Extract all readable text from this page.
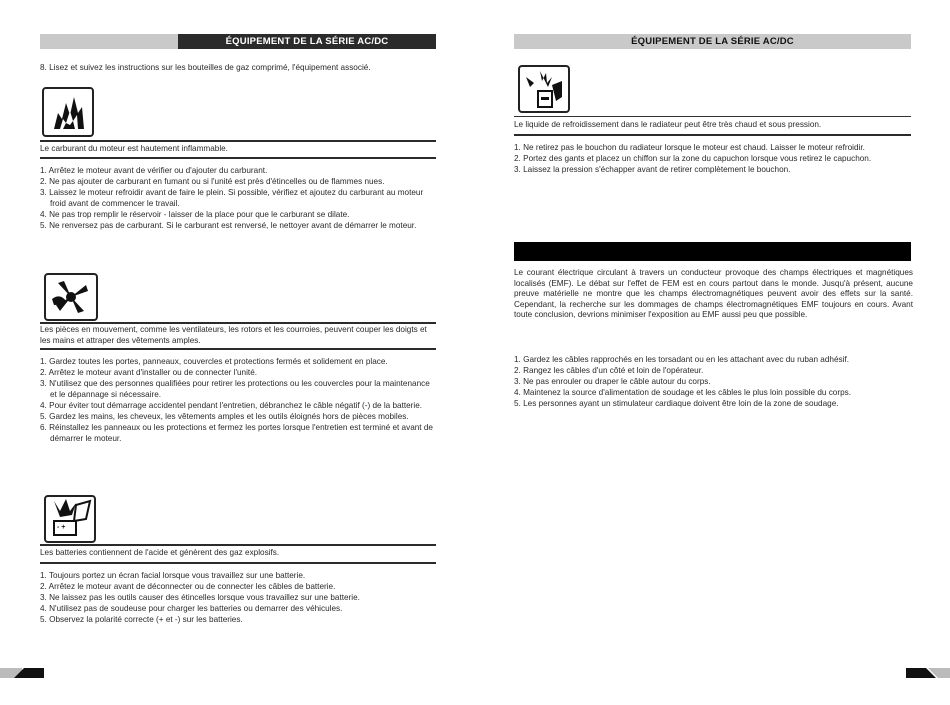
ÉQUIPEMENT DE LA SÉRIE AC/DC
8. Lisez et suivez les instructions sur les bouteilles de gaz comprimé, l'équipement associé.
Le carburant du moteur est hautement inflammable.
1. Arrêtez le moteur avant de vérifier ou d'ajouter du carburant.
2. Ne pas ajouter de carburant en fumant ou si l'unité est près d'étincelles ou de flammes nues.
3. Laissez le moteur refroidir avant de faire le plein. Si possible, vérifiez et ajoutez du carburant au moteur froid avant de commencer le travail.
4. Ne pas trop remplir le réservoir - laisser de la place pour que le carburant se dilate.
5. Ne renversez pas de carburant. Si le carburant est renversé, le nettoyer avant de démarrer le moteur.
Les pièces en mouvement, comme les ventilateurs, les rotors et les courroies, peuvent couper les doigts et les mains et attraper des vêtements amples.
1. Gardez toutes les portes, panneaux, couvercles et protections fermés et solidement en place.
2. Arrêtez le moteur avant d'installer ou de connecter l'unité.
3. N'utilisez que des personnes qualifiées pour retirer les protections ou les couvercles pour la maintenance et le dépannage si nécessaire.
4. Pour éviter tout démarrage accidentel pendant l'entretien, débranchez le câble négatif (-) de la batterie.
5. Gardez les mains, les cheveux, les vêtements amples et les outils éloignés hors de pièces mobiles.
6. Réinstallez les panneaux ou les protections et fermez les portes lorsque l'entretien est terminé et avant de démarrer le moteur.
- +
Les batteries contiennent de l'acide et génèrent des gaz explosifs.
1. Toujours portez un écran facial lorsque vous travaillez sur une batterie.
2. Arrêtez le moteur avant de déconnecter ou de connecter les câbles de batterie.
3. Ne laissez pas les outils causer des étincelles lorsque vous travaillez sur une batterie.
4. N'utilisez pas de soudeuse pour charger les batteries ou demarrer des véhicules.
5. Observez la polarité correcte (+ et -) sur les batteries.
ÉQUIPEMENT DE LA SÉRIE AC/DC
Le liquide de refroidissement dans le radiateur peut être très chaud et sous pression.
1. Ne retirez pas le bouchon du radiateur lorsque le moteur est chaud. Laisser le moteur refroidir.
2. Portez des gants et placez un chiffon sur la zone du capuchon lorsque vous retirez le capuchon.
3. Laissez la pression s'échapper avant de retirer complètement le bouchon.
Le courant électrique circulant à travers un conducteur provoque des champs électriques et magnétiques localisés (EMF). Le débat sur l'effet de FEM est en cours partout dans le monde. Jusqu'à présent, aucune preuve matérielle ne montre que les champs électromagnétiques peuvent avoir des effets sur la santé. Cependant, la recherche sur les dommages de champs électromagnétiques EMF toujours en cours. Avant toute conclusion, devrions minimiser l'exposition au EMF aussi peu que possible.
1. Gardez les câbles rapprochés en les torsadant ou en les attachant avec du ruban adhésif.
2. Rangez les câbles d'un côté et loin de l'opérateur.
3. Ne pas enrouler ou draper le câble autour du corps.
4. Maintenez la source d'alimentation de soudage et les câbles le plus loin possible du corps.
5. Les personnes ayant un stimulateur cardiaque doivent être loin de la zone de soudage.
